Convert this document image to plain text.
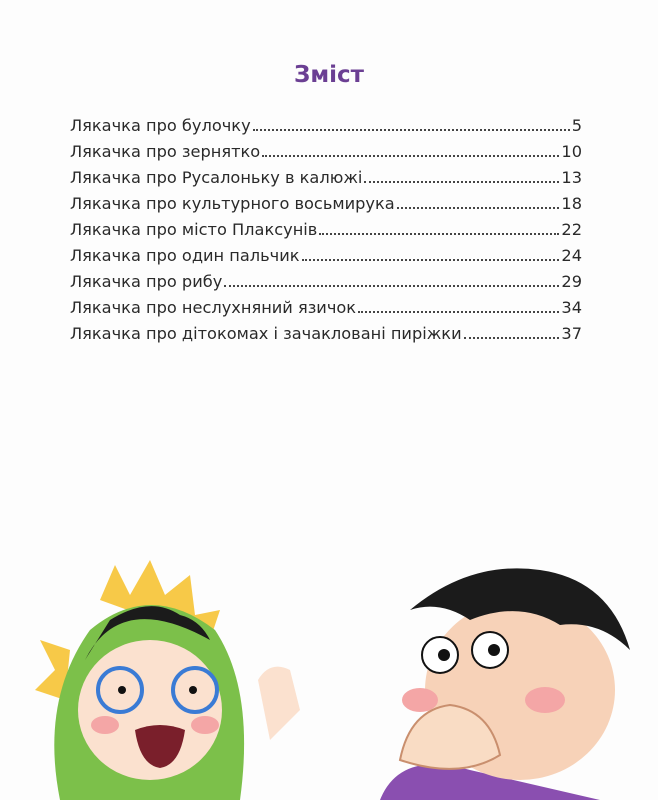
Зміст
Лякачка про булочку	5
Лякачка про зернятко	10
Лякачка про Русалоньку в калюжі	13
Лякачка про культурного восьмирука	18
Лякачка про місто Плаксунів	22
Лякачка про один пальчик	24
Лякачка про рибу	29
Лякачка про неслухняний язичок	34
Лякачка про дітокомах і зачакловані пиріжки	37
